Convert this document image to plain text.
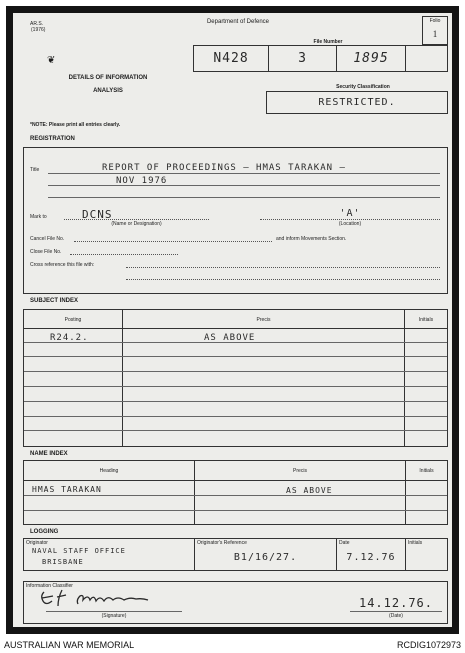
AR.S.
(1976)
Department of Defence	Folio
1
File Number
N428	3	1895
❦
DETAILS OF INFORMATION
ANALYSIS
Security Classification
RESTRICTED.
*NOTE: Please print all entries clearly.
REGISTRATION
Title	REPORT OF PROCEEDINGS – HMAS TARAKAN –
NOV 1976
Mark to	DCNS
(Name or Designation)
'A'
(Location)
Cancel File No.	and inform Movements Section.
Close File No.
Cross reference this file with:
SUBJECT INDEX
Posting	Precis	Initials
R24.2.	AS ABOVE
NAME INDEX
Heading	Precis	Initials
HMAS TARAKAN	AS ABOVE
LOGGING
Originator	Originator's Reference	Date	Initials
NAVAL STAFF OFFICE
BRISBANE	B1/16/27.	7.12.76
Information Classifier
(Signature)
14.12.76.
(Date)
AUSTRALIAN WAR MEMORIAL	RCDIG1072973
